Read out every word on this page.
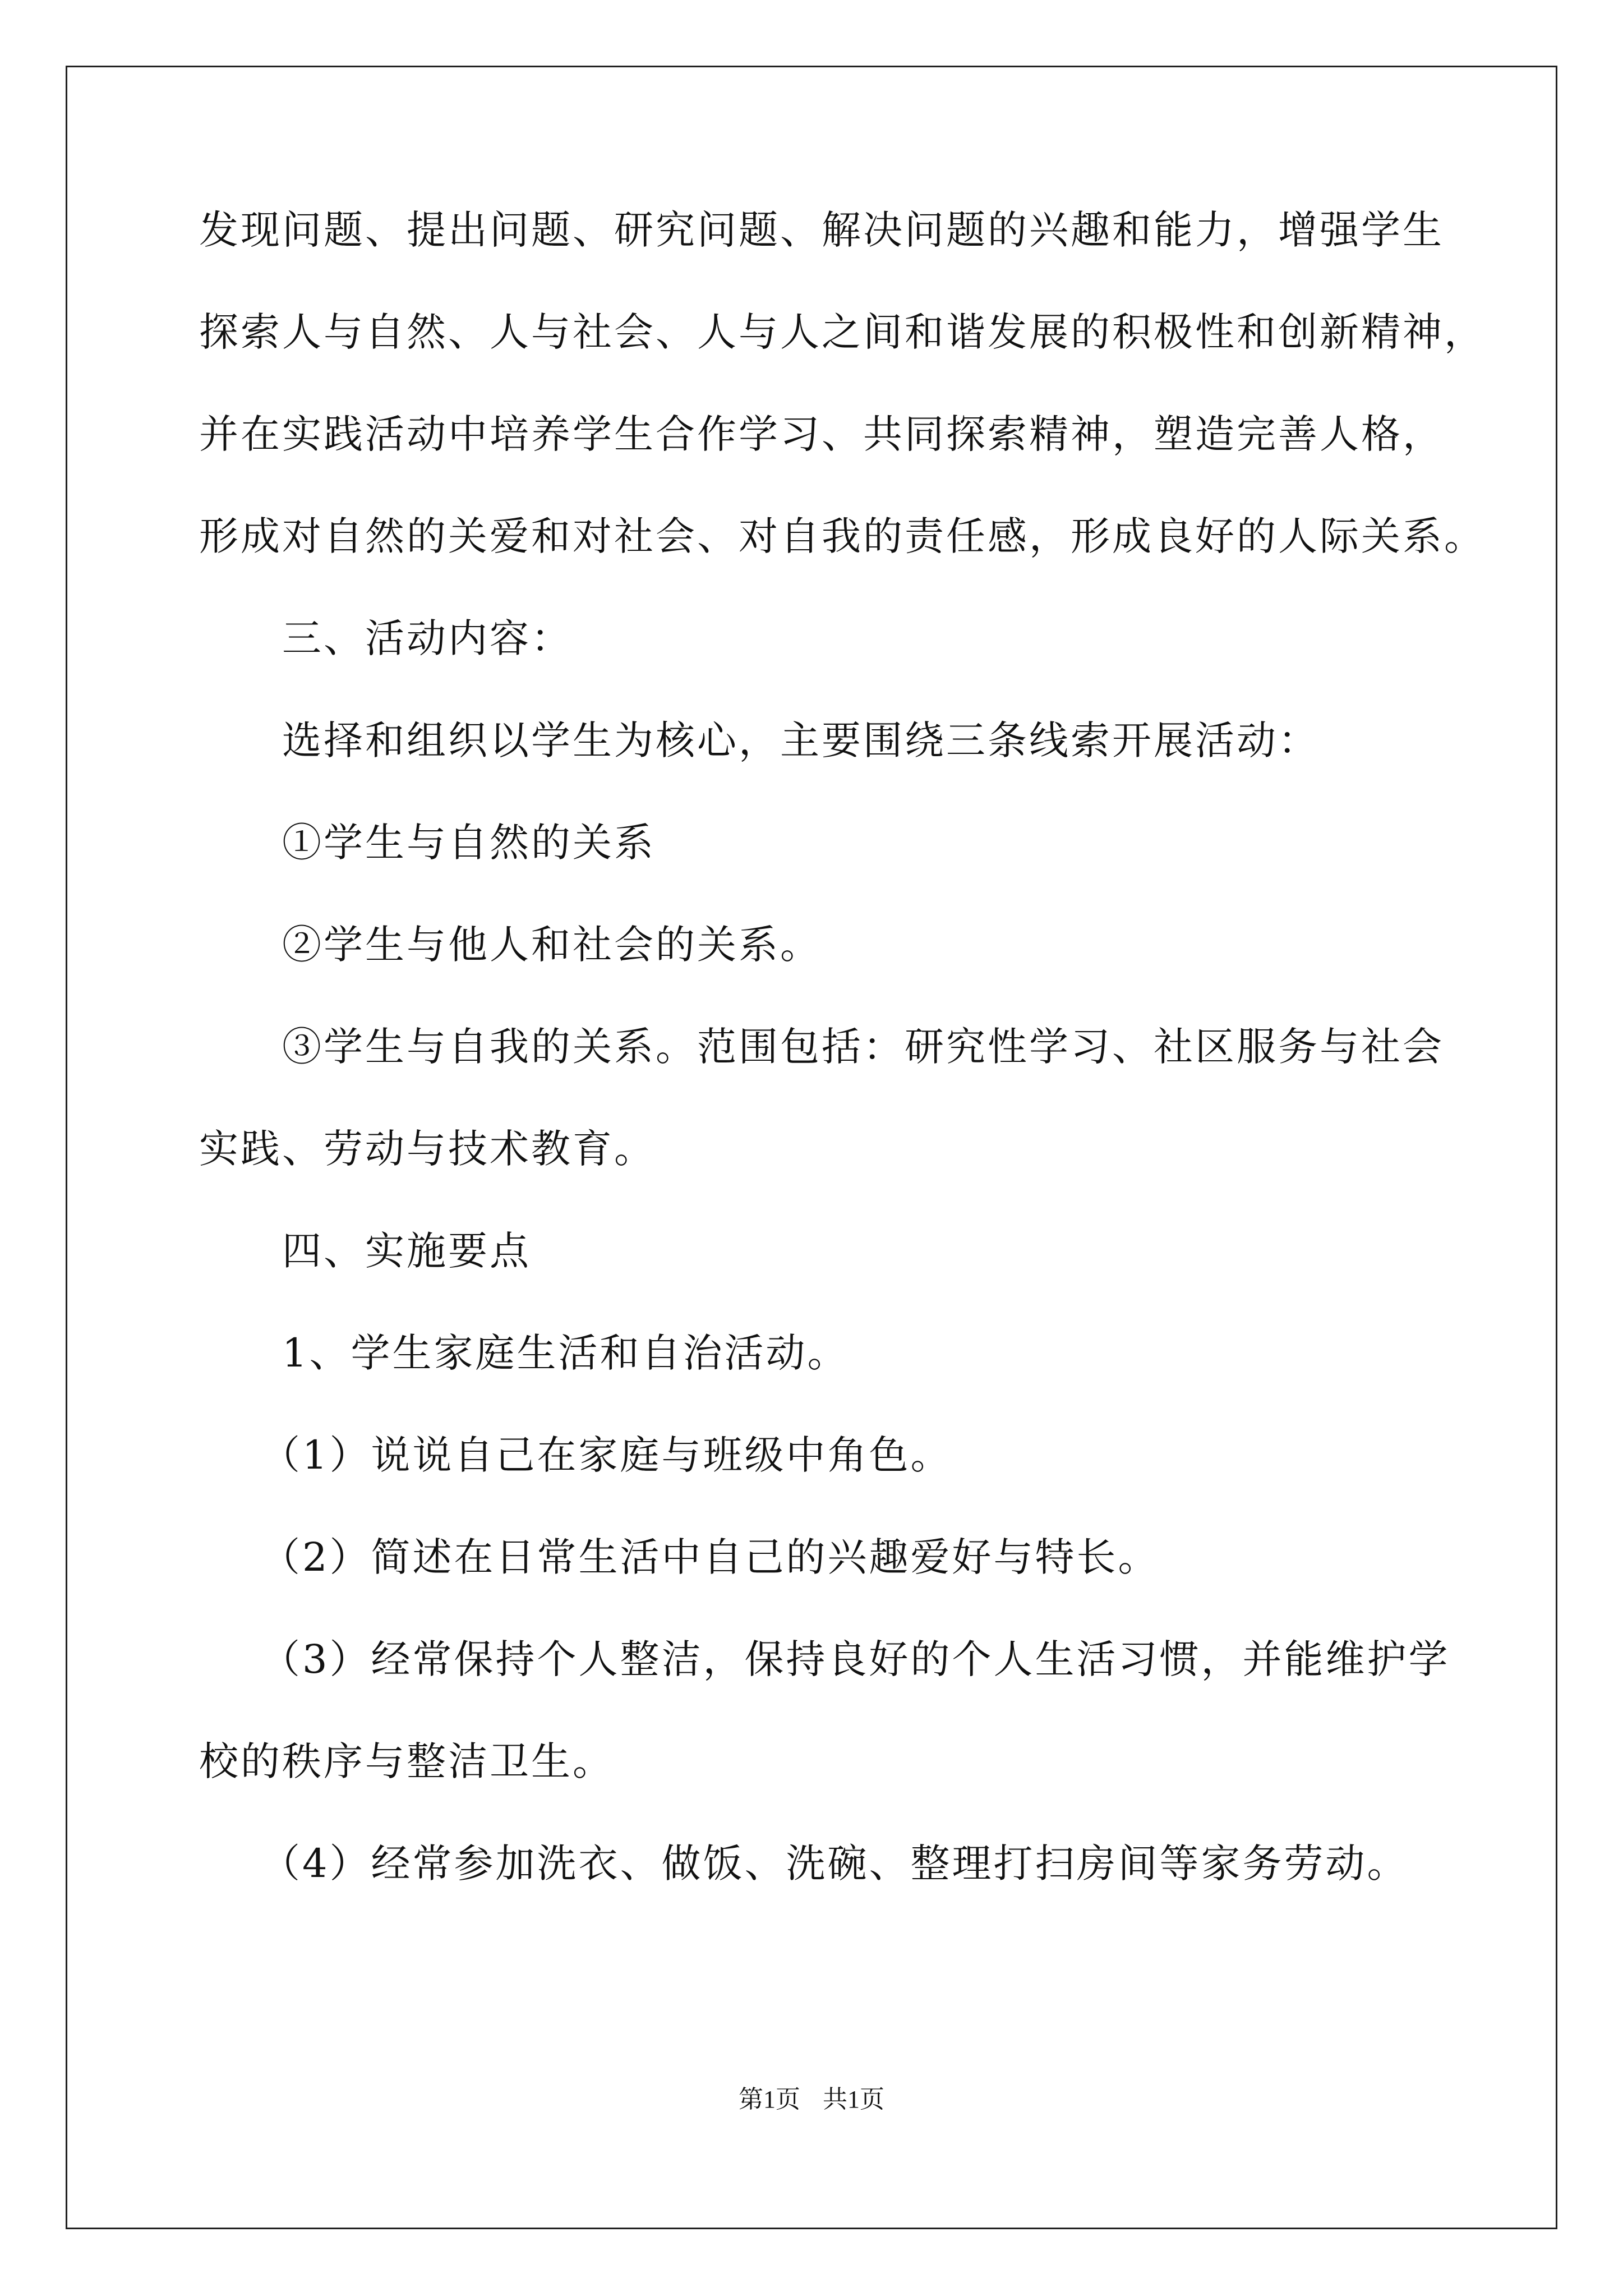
发现问题、提出问题、研究问题、解决问题的兴趣和能力，增强学生
探索人与自然、人与社会、人与人之间和谐发展的积极性和创新精神，
并在实践活动中培养学生合作学习、共同探索精神，塑造完善人格，
形成对自然的关爱和对社会、对自我的责任感，形成良好的人际关系。
三、活动内容：
选择和组织以学生为核心，主要围绕三条线索开展活动：
①学生与自然的关系
②学生与他人和社会的关系。
③学生与自我的关系。范围包括：研究性学习、社区服务与社会
实践、劳动与技术教育。
四、实施要点
1、学生家庭生活和自治活动。
（1）说说自己在家庭与班级中角色。
（2）简述在日常生活中自己的兴趣爱好与特长。
（3）经常保持个人整洁，保持良好的个人生活习惯，并能维护学
校的秩序与整洁卫生。
（4）经常参加洗衣、做饭、洗碗、整理打扫房间等家务劳动。
第1页 共1页
